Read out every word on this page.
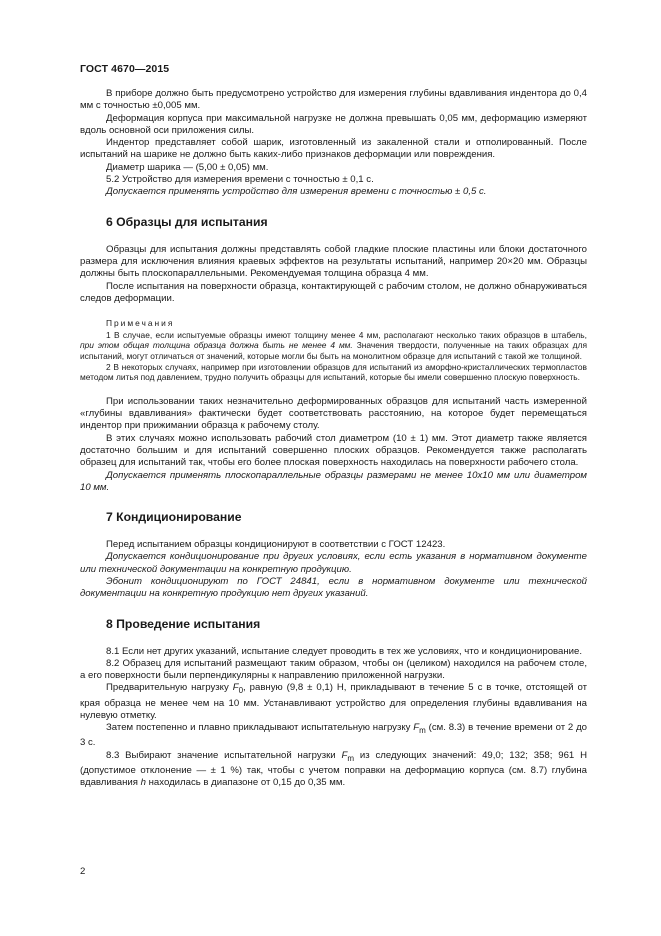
ГОСТ 4670—2015

В приборе должно быть предусмотрено устройство для измерения глубины вдавливания индентора до 0,4 мм с точностью ±0,005 мм.

Деформация корпуса при максимальной нагрузке не должна превышать 0,05 мм, деформацию измеряют вдоль основной оси приложения силы.

Индентор представляет собой шарик, изготовленный из закаленной стали и отполированный. После испытаний на шарике не должно быть каких-либо признаков деформации или повреждения.

Диаметр шарика — (5,00 ± 0,05) мм.

5.2 Устройство для измерения времени с точностью ± 0,1 с.

Допускается применять устройство для измерения времени с точностью ± 0,5 с.

6 Образцы для испытания

Образцы для испытания должны представлять собой гладкие плоские пластины или блоки достаточного размера для исключения влияния краевых эффектов на результаты испытаний, например 20×20 мм. Образцы должны быть плоскопараллельными. Рекомендуемая толщина образца 4 мм.

После испытания на поверхности образца, контактирующей с рабочим столом, не должно обнаруживаться следов деформации.

Примечания

1 В случае, если испытуемые образцы имеют толщину менее 4 мм, располагают несколько таких образцов в штабель, при этом общая толщина образца должна быть не менее 4 мм. Значения твердости, полученные на таких образцах для испытаний, могут отличаться от значений, которые могли бы быть на монолитном образце для испытаний с такой же толщиной.

2 В некоторых случаях, например при изготовлении образцов для испытаний из аморфно-кристаллических термопластов методом литья под давлением, трудно получить образцы для испытаний, которые бы имели совершенно плоскую поверхность.

При использовании таких незначительно деформированных образцов для испытаний часть измеренной «глубины вдавливания» фактически будет соответствовать расстоянию, на которое будет перемещаться индентор при прижимании образца к рабочему столу.

В этих случаях можно использовать рабочий стол диаметром (10 ± 1) мм. Этот диаметр также является достаточно большим и для испытаний совершенно плоских образцов. Рекомендуется также располагать образец для испытаний так, чтобы его более плоская поверхность находилась на поверхности рабочего стола.

Допускается применять плоскопараллельные образцы размерами не менее 10х10 мм или диаметром 10 мм.

7 Кондиционирование

Перед испытанием образцы кондиционируют в соответствии с ГОСТ 12423.

Допускается кондиционирование при других условиях, если есть указания в нормативном документе или технической документации на конкретную продукцию.

Эбонит кондиционируют по ГОСТ 24841, если в нормативном документе или технической документации на конкретную продукцию нет других указаний.

8 Проведение испытания

8.1 Если нет других указаний, испытание следует проводить в тех же условиях, что и кондиционирование.

8.2 Образец для испытаний размещают таким образом, чтобы он (целиком) находился на рабочем столе, а его поверхности были перпендикулярны к направлению приложенной нагрузки.

Предварительную нагрузку $F_0$, равную (9,8 ± 0,1) Н, прикладывают в течение 5 с в точке, отстоящей от края образца не менее чем на 10 мм. Устанавливают устройство для определения глубины вдавливания на нулевую отметку.

Затем постепенно и плавно прикладывают испытательную нагрузку $F_m$ (см. 8.3) в течение времени от 2 до 3 с.

8.3 Выбирают значение испытательной нагрузки $F_m$ из следующих значений: 49,0; 132; 358; 961 Н (допустимое отклонение — ± 1 %) так, чтобы с учетом поправки на деформацию корпуса (см. 8.7) глубина вдавливания h находилась в диапазоне от 0,15 до 0,35 мм.

2
